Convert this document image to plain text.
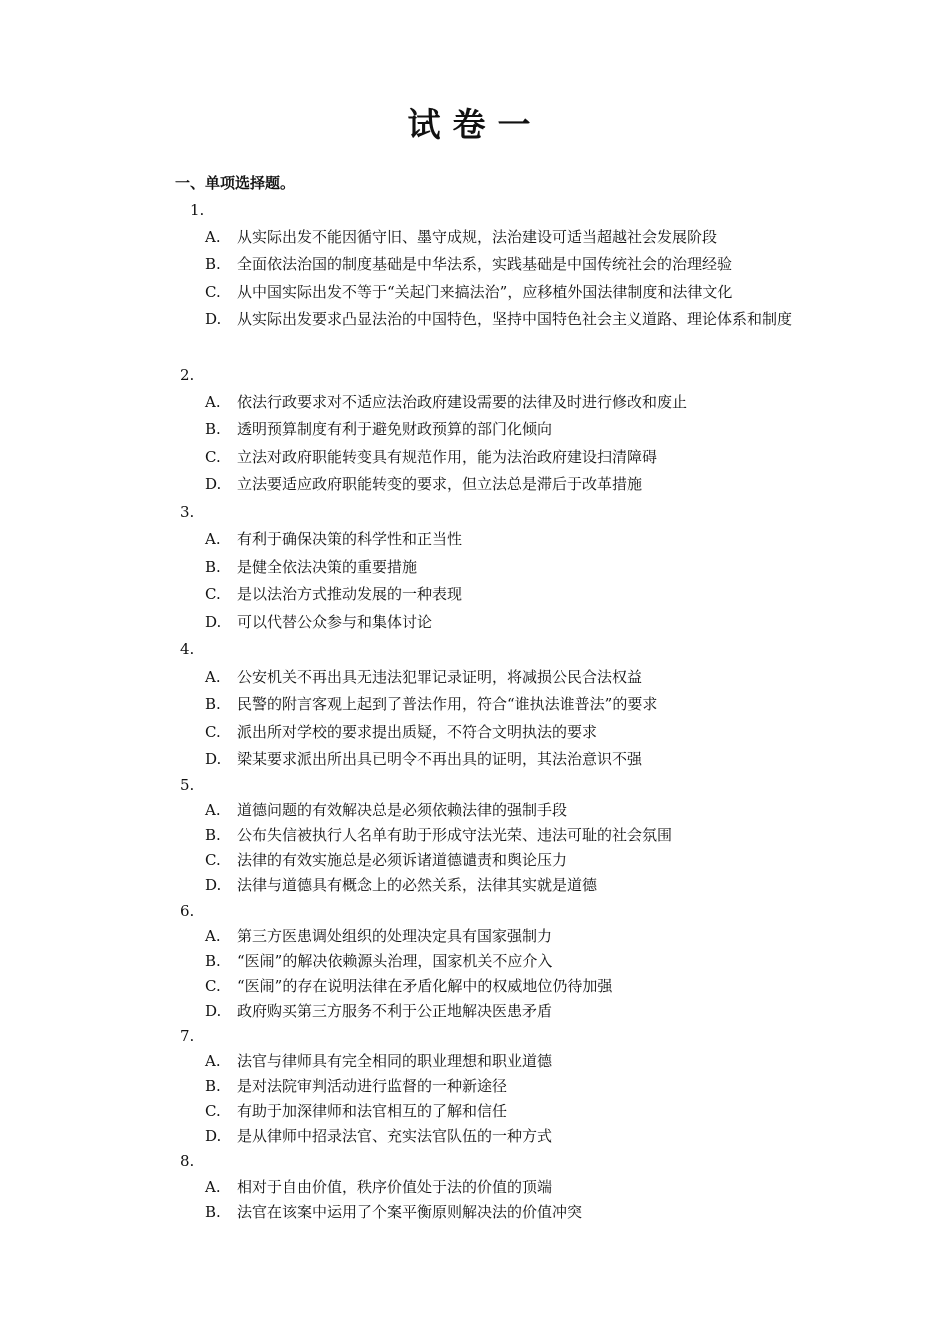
试卷一
一、单项选择题。
1.
A. 从实际出发不能因循守旧、墨守成规，法治建设可适当超越社会发展阶段
B. 全面依法治国的制度基础是中华法系，实践基础是中国传统社会的治理经验
C. 从中国实际出发不等于“关起门来搞法治”，应移植外国法律制度和法律文化
D. 从实际出发要求凸显法治的中国特色，坚持中国特色社会主义道路、理论体系和制度
2.
A. 依法行政要求对不适应法治政府建设需要的法律及时进行修改和废止
B. 透明预算制度有利于避免财政预算的部门化倾向
C. 立法对政府职能转变具有规范作用，能为法治政府建设扫清障碍
D. 立法要适应政府职能转变的要求，但立法总是滞后于改革措施
3.
A. 有利于确保决策的科学性和正当性
B. 是健全依法决策的重要措施
C. 是以法治方式推动发展的一种表现
D. 可以代替公众参与和集体讨论
4.
A. 公安机关不再出具无违法犯罪记录证明，将减损公民合法权益
B. 民警的附言客观上起到了普法作用，符合“谁执法谁普法”的要求
C. 派出所对学校的要求提出质疑，不符合文明执法的要求
D. 梁某要求派出所出具已明令不再出具的证明，其法治意识不强
5.
A. 道德问题的有效解决总是必须依赖法律的强制手段
B. 公布失信被执行人名单有助于形成守法光荣、违法可耻的社会氛围
C. 法律的有效实施总是必须诉诸道德谴责和舆论压力
D. 法律与道德具有概念上的必然关系，法律其实就是道德
6.
A. 第三方医患调处组织的处理决定具有国家强制力
B. “医闹”的解决依赖源头治理，国家机关不应介入
C. “医闹”的存在说明法律在矛盾化解中的权威地位仍待加强
D. 政府购买第三方服务不利于公正地解决医患矛盾
7.
A. 法官与律师具有完全相同的职业理想和职业道德
B. 是对法院审判活动进行监督的一种新途径
C. 有助于加深律师和法官相互的了解和信任
D. 是从律师中招录法官、充实法官队伍的一种方式
8.
A. 相对于自由价值，秩序价值处于法的价值的顶端
B. 法官在该案中运用了个案平衡原则解决法的价值冲突
